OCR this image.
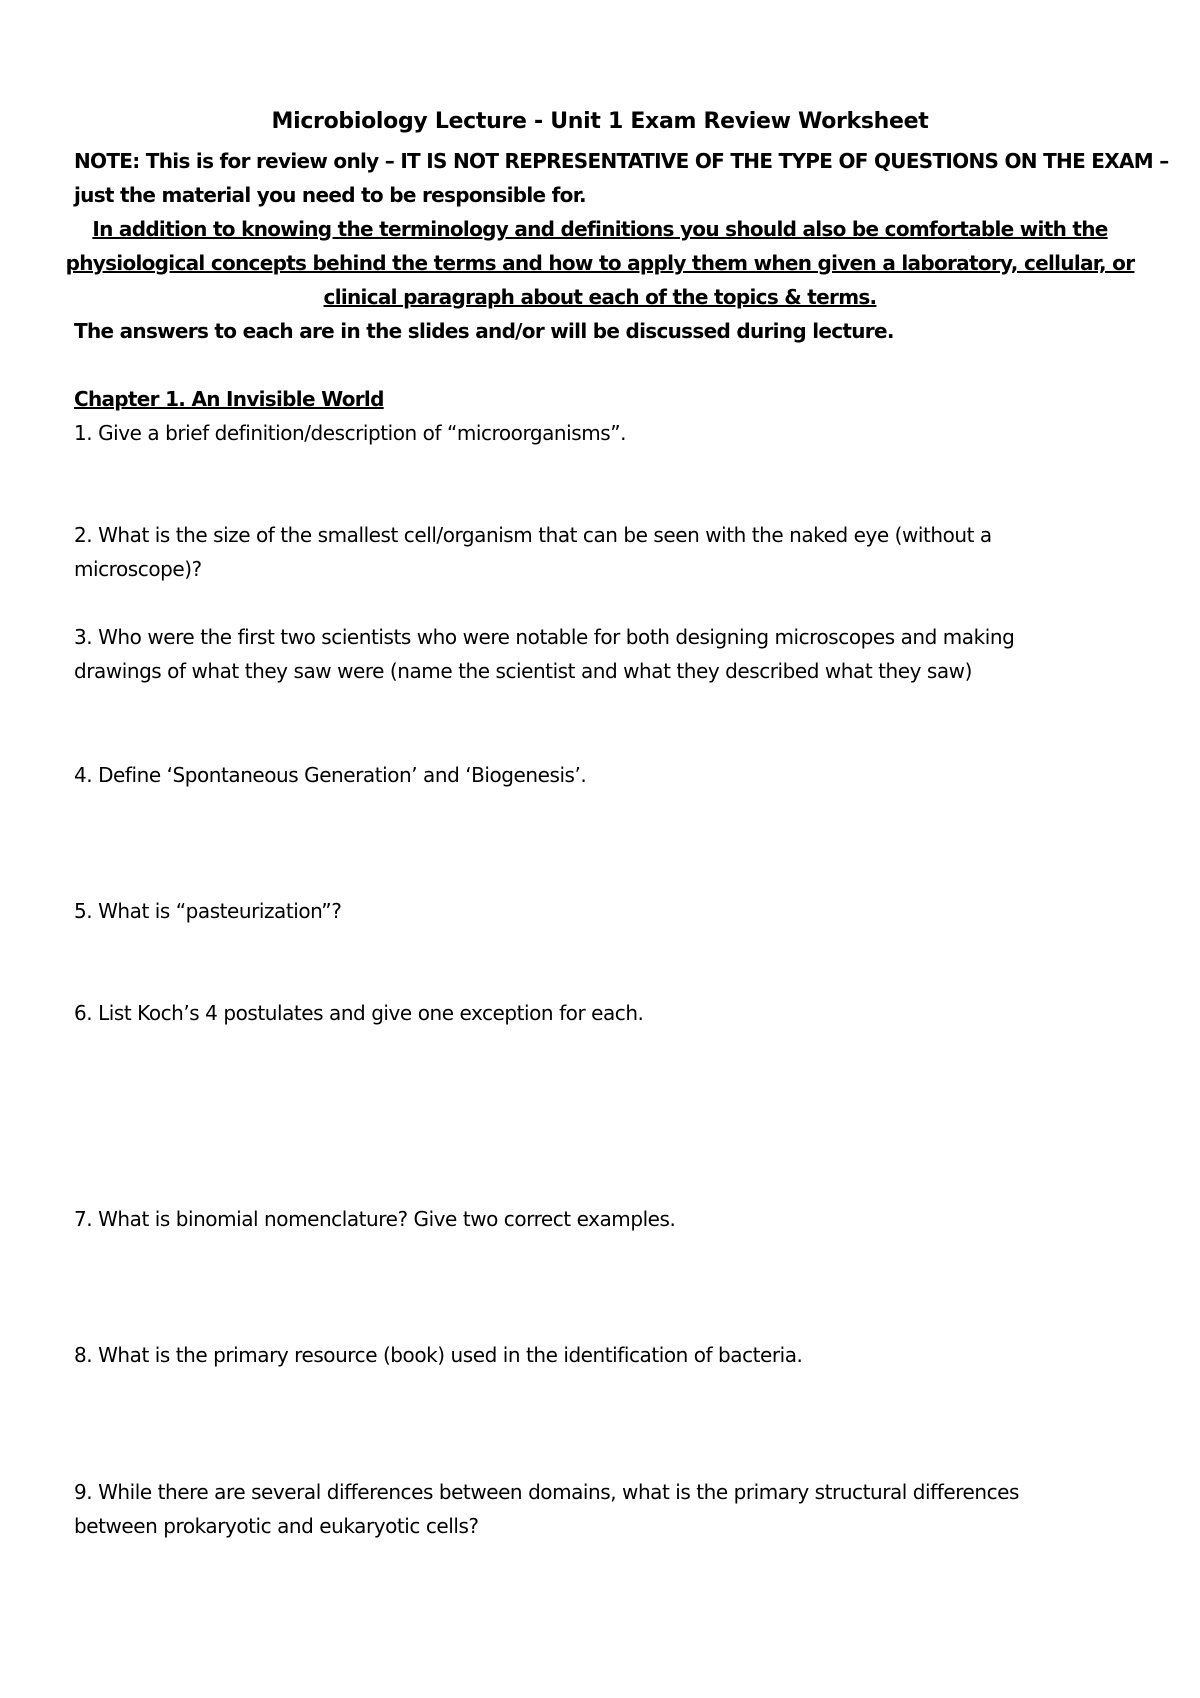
Microbiology Lecture - Unit 1 Exam Review Worksheet
NOTE: This is for review only – IT IS NOT REPRESENTATIVE OF THE TYPE OF QUESTIONS ON THE EXAM –
just the material you need to be responsible for.
In addition to knowing the terminology and definitions you should also be comfortable with the
physiological concepts behind the terms and how to apply them when given a laboratory, cellular, or
clinical paragraph about each of the topics & terms.
The answers to each are in the slides and/or will be discussed during lecture.
Chapter 1. An Invisible World
1. Give a brief definition/description of “microorganisms”.
2. What is the size of the smallest cell/organism that can be seen with the naked eye (without a
microscope)?
3. Who were the first two scientists who were notable for both designing microscopes and making
drawings of what they saw were (name the scientist and what they described what they saw)
4. Define ‘Spontaneous Generation’ and ‘Biogenesis’.
5. What is “pasteurization”?
6. List Koch’s 4 postulates and give one exception for each.
7. What is binomial nomenclature? Give two correct examples.
8. What is the primary resource (book) used in the identification of bacteria.
9. While there are several differences between domains, what is the primary structural differences
between prokaryotic and eukaryotic cells?
